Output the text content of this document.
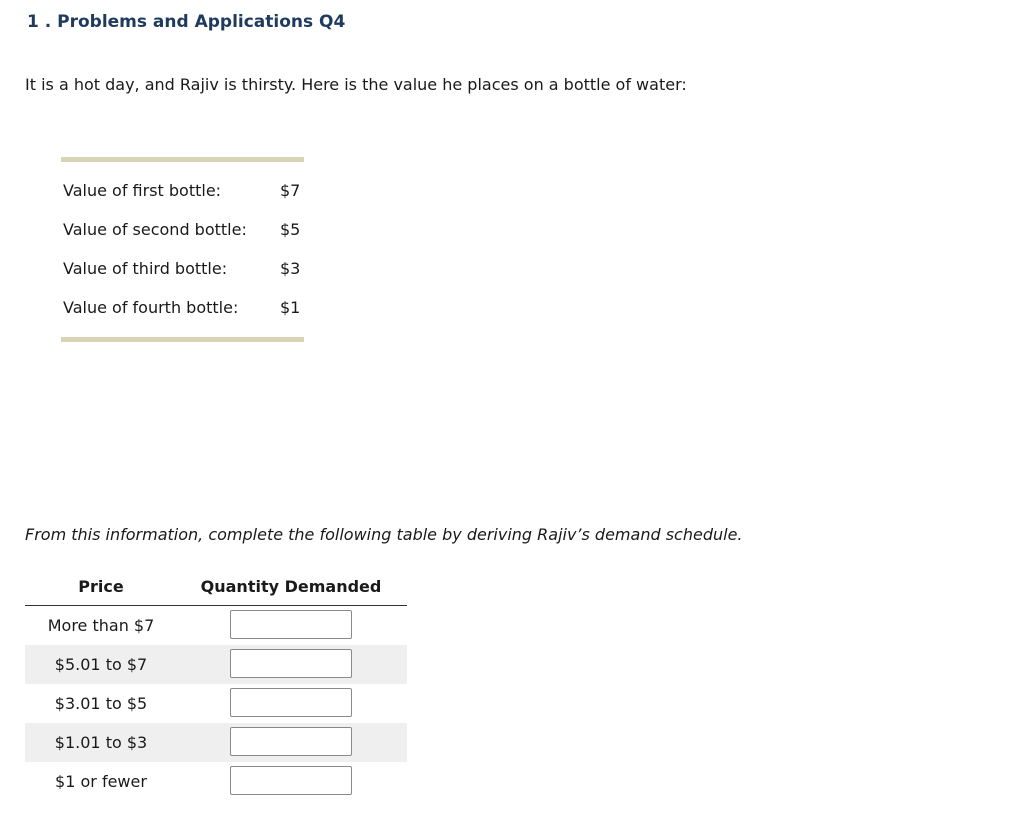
1 . Problems and Applications Q4
It is a hot day, and Rajiv is thirsty. Here is the value he places on a bottle of water:
Value of first bottle:	$7
Value of second bottle: $5
Value of third bottle:	$3
Value of fourth bottle:	$1
From this information, complete the following table by deriving Rajiv’s demand schedule.
Price	Quantity Demanded
More than $7
$5.01 to $7
$3.01 to $5
$1.01 to $3
$1 or fewer
